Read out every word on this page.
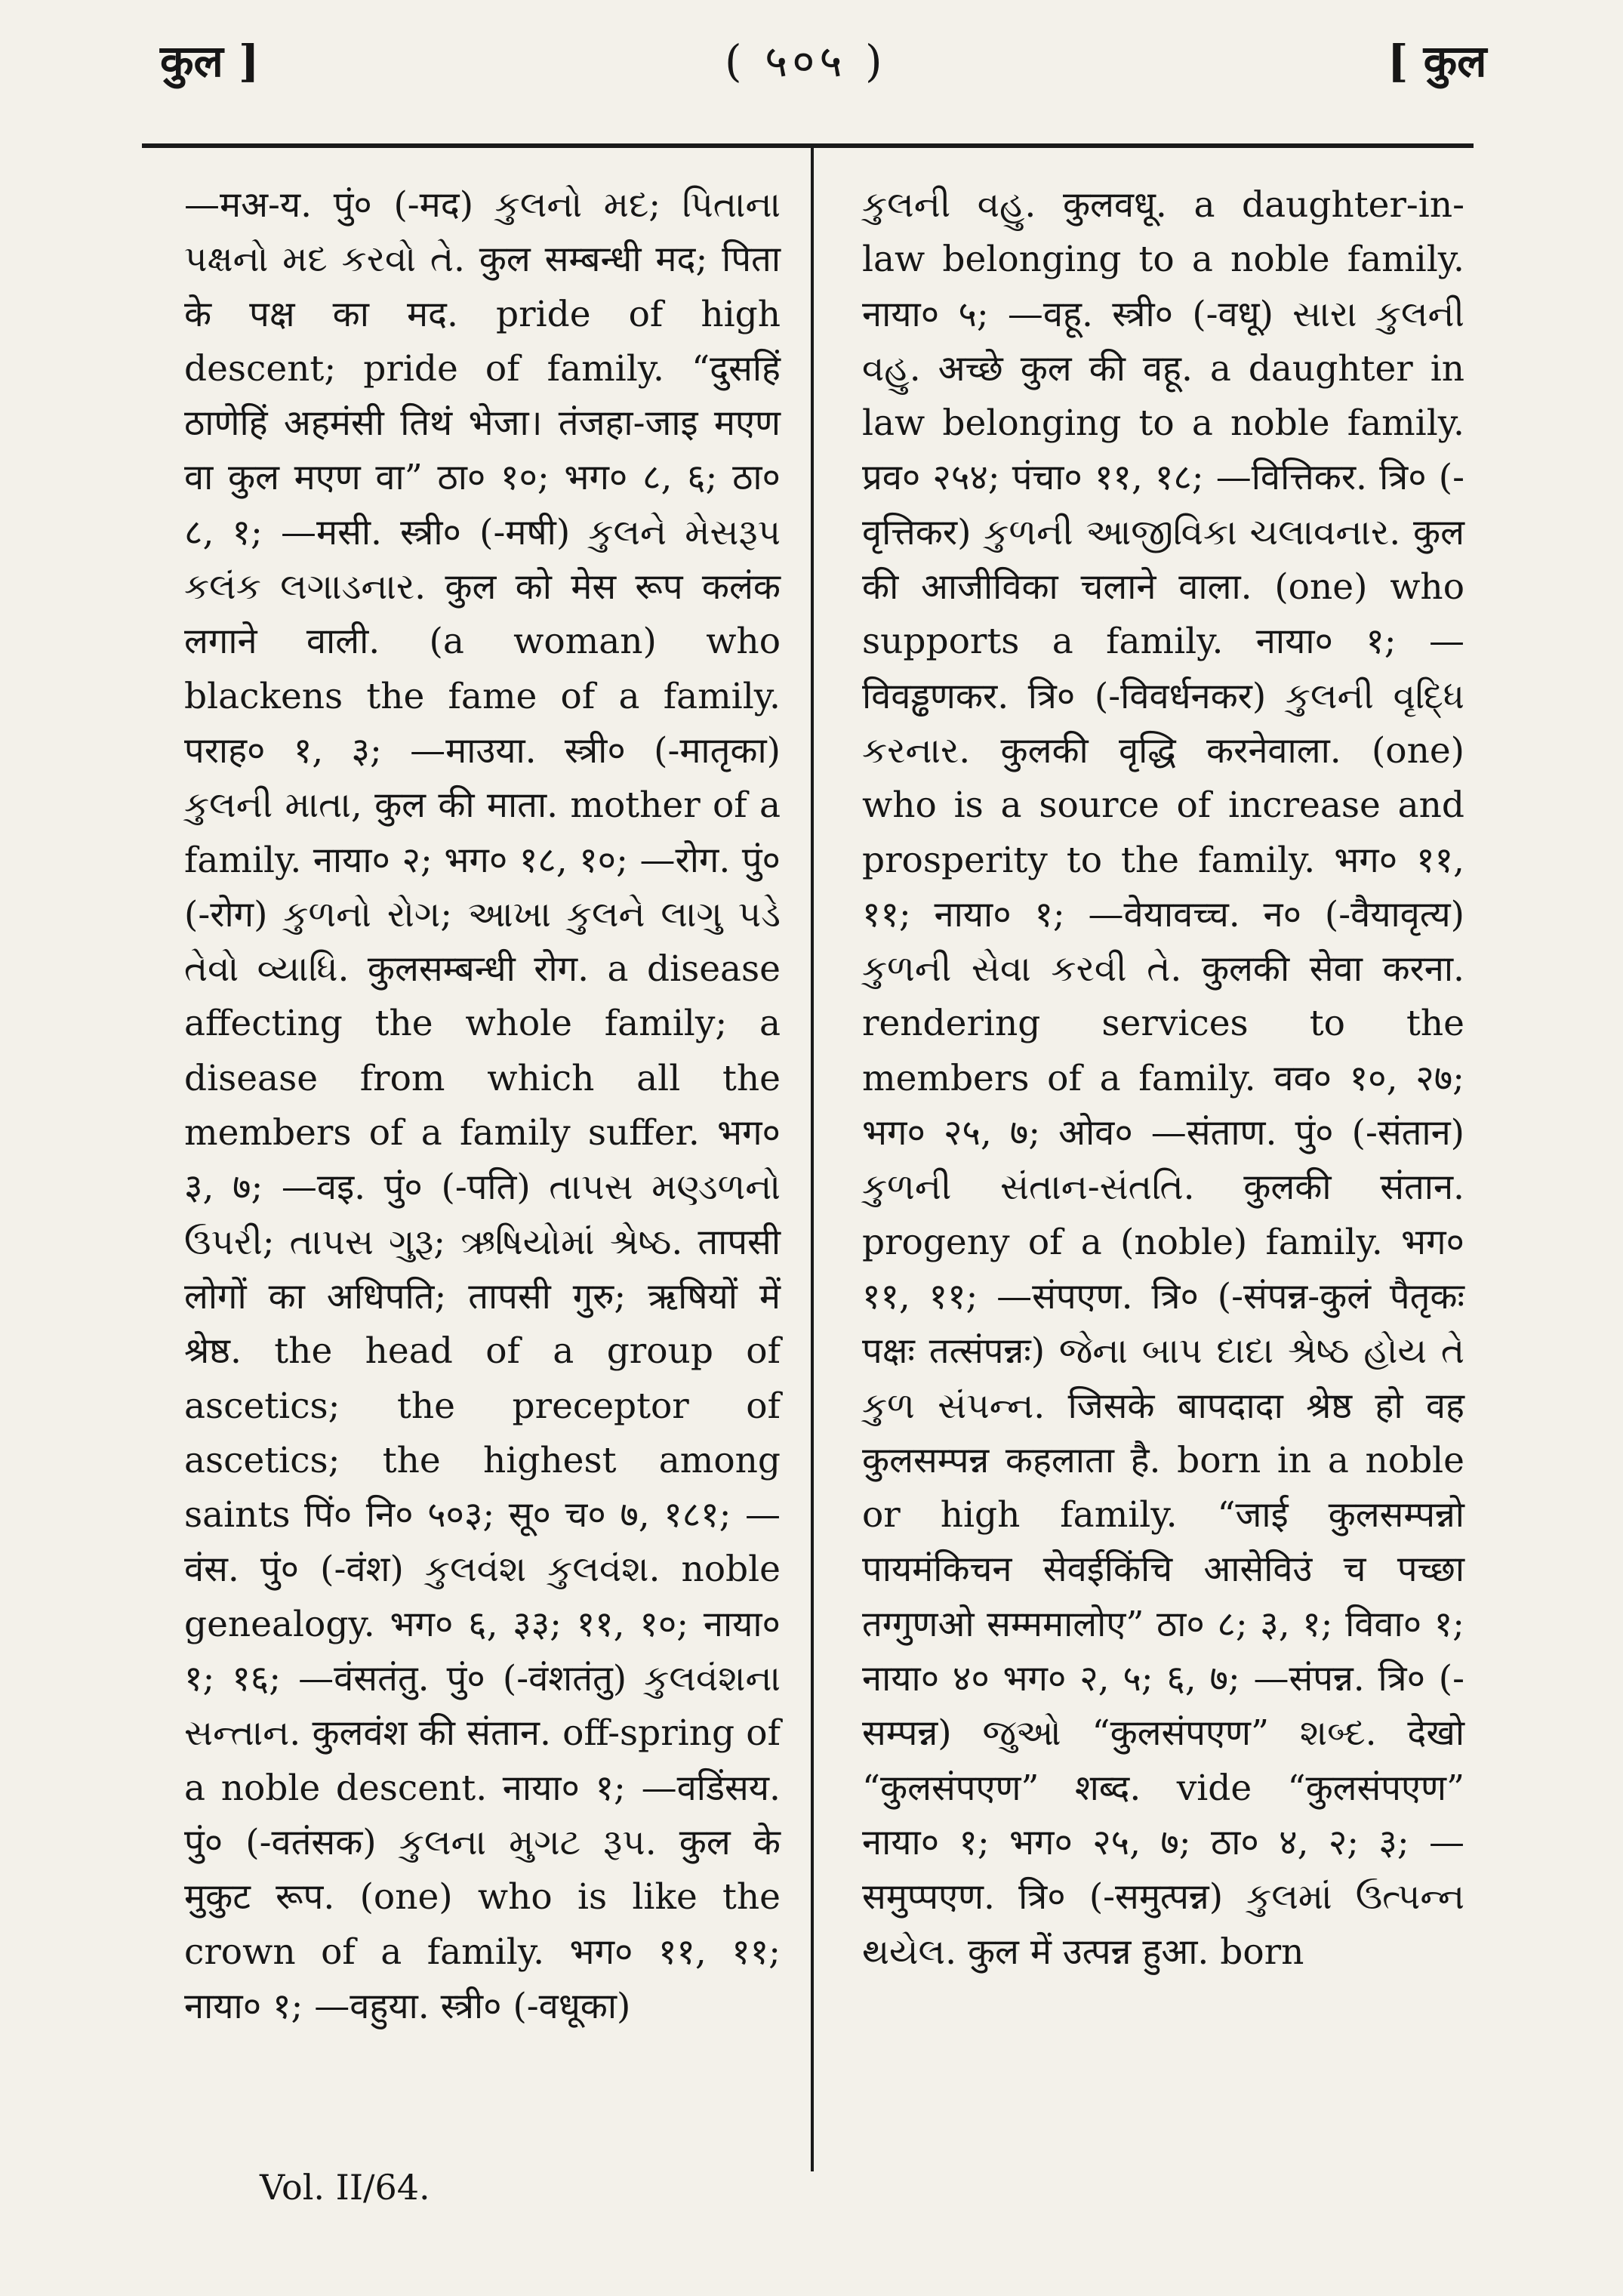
कुल ]	( ५०५ )	[ कुल

—मअ-य. पुं० (-मद) કુલનો મદ; પિતાના પક્ષનો મદ કરવો તે. कुल सम्बन्धी मद; पिता के पक्ष का मद. pride of high descent; pride of family. “दुसहिं ठाणेहिं अहमंसी तिथं भेजा। तंजहा-जाइ मएण वा कुल मएण वा” ठा० १०; भग० ८, ६; ठा० ८, १; —मसी. स्त्री० (-मषी) કુલને મેસરૂપ કલંક લગાડનાર. कुल को मेस रूप कलंक लगाने वाली. (a woman) who blackens the fame of a family. पराह० १, ३; —माउया. स्त्री० (-मातृका) કુલની માતા, कुल की माता. mother of a family. नाया० २; भग० १८, १०; —रोग. पुं० (-रोग) કુળનો રોગ; આખા કુલને લાગુ પડે તેવો વ્યાધિ. कुलसम्बन्धी रोग. a disease affecting the whole family; a disease from which all the members of a family suffer. भग० ३, ७; —वइ. पुं० (-पति) તાપસ મણ્ડળનો ઉપરી; તાપસ ગુરૂ; ઋષિયોમાં શ્રેષ્ઠ. तापसी लोगों का अधिपति; तापसी गुरु; ऋषियों में श्रेष्ठ. the head of a group of ascetics; the preceptor of ascetics; the highest among saints पिं० नि० ५०३; सू० च० ७, १८१; —वंस. पुं० (-वंश) કુલવંશ કુલવંશ. noble genealogy. भग० ६, ३३; ११, १०; नाया० १; १६; —वंसतंतु. पुं० (-वंशतंतु) કુલવંશના સન્તાન. कुलवंश की संतान. off-spring of a noble descent. नाया० १; —वडिंसय. पुं० (-वतंसक) કુલના મુગટ રૂપ. कुल के मुकुट रूप. (one) who is like the crown of a family. भग० ११, ११; नाया० १; —वहुया. स्त्री० (-वधूका)

કુલની વહુ. कुलवधू. a daughter-in-law belonging to a noble family. नाया० ५; —वहू. स्त्री० (-वधू) સારા કુલની વહુ. अच्छे कुल की वहू. a daughter in law belonging to a noble family. प्रव० २५४; पंचा० ११, १८; —वित्तिकर. त्रि० (-वृत्तिकर) કુળની આજીવિકા ચલાવનાર. कुल की आजीविका चलाने वाला. (one) who supports a family. नाया० १; —विवड्ढणकर. त्रि० (-विवर्धनकर) કુલની વૃદ્ધિ કરનાર. कुलकी वृद्धि करनेवाला. (one) who is a source of increase and prosperity to the family. भग० ११, ११; नाया० १; —वेयावच्च. न० (-वैयावृत्य) કુળની સેવા કરવી તે. कुलकी सेवा करना. rendering services to the members of a family. वव० १०, २७; भग० २५, ७; ओव० —संताण. पुं० (-संतान) કુળની સંતાન-સંતતિ. कुलकी संतान. progeny of a (noble) family. भग० ११, ११; —संपएण. त्रि० (-संपन्न-कुलं पैतृकः पक्षः तत्संपन्नः) જેના બાપ દાદા શ્રેષ્ઠ હોય તે કુળ સંપન્ન. जिसके बापदादा श्रेष्ठ हो वह कुलसम्पन्न कहलाता है. born in a noble or high family. “जाई कुलसम्पन्नो पायमंकिचन सेवईकिंचि आसेविउं च पच्छा तग्गुणओ सम्ममालोए” ठा० ८; ३, १; विवा० १; नाया० ४० भग० २, ५; ६, ७; —संपन्न. त्रि० (-सम्पन्न) જુઓ “कुलसंपएण” શબ્દ. देखो “कुलसंपएण” शब्द. vide “कुलसंपएण” नाया० १; भग० २५, ७; ठा० ४, २; ३; —समुप्पएण. त्रि० (-समुत्पन्न) કુલમાં ઉત્પન્ન થયેલ. कुल में उत्पन्न हुआ. born

Vol. II/64.
